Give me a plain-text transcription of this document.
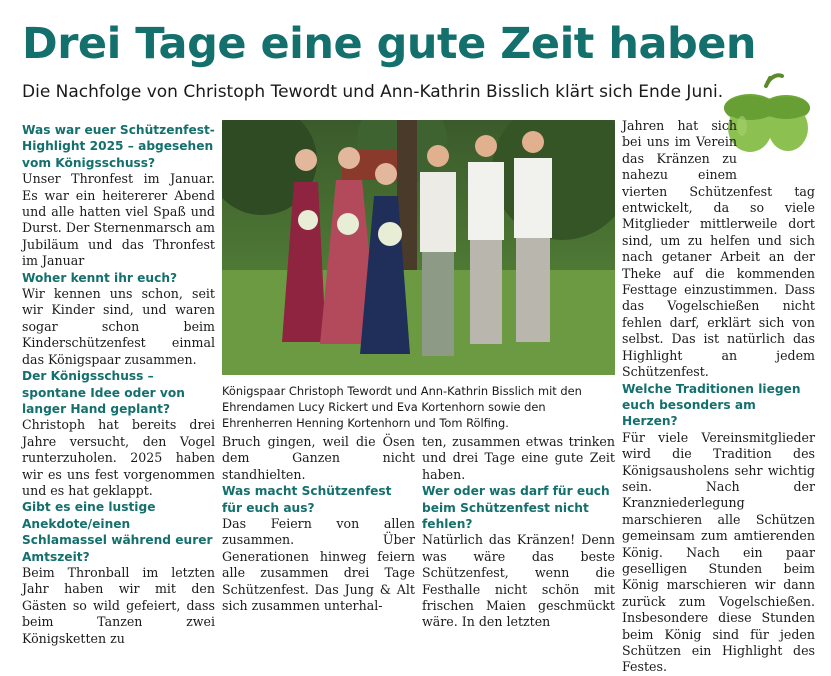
Drei Tage eine gute Zeit haben

Die Nachfolge von Christoph Tewordt und Ann-Kathrin Bisslich klärt sich Ende Juni.

Was war euer Schützenfest-Highlight 2025 – abgesehen vom Königsschuss?

Unser Thronfest im Januar. Es war ein heitererer Abend und alle hatten viel Spaß und Durst. Der Sternenmarsch am Jubiläum und das Thronfest im Januar

Woher kennt ihr euch?

Wir kennen uns schon, seit wir Kinder sind, und waren sogar schon beim Kinderschützenfest einmal das Königspaar zusammen.

Der Königsschuss – spontane Idee oder von langer Hand geplant?

Christoph hat bereits drei Jahre versucht, den Vogel runterzuholen. 2025 haben wir es uns fest vorgenommen und es hat geklappt.

Gibt es eine lustige Anekdote/einen Schlamassel während eurer Amtszeit?

Beim Thronball im letzten Jahr haben wir mit den Gästen so wild gefeiert, dass beim Tanzen zwei Königsketten zu

Königspaar Christoph Tewordt und Ann-Kathrin Bisslich mit den Ehrendamen Lucy Rickert und Eva Kortenhorn sowie den Ehrenherren Henning Kortenhorn und Tom Rölfing.

Bruch gingen, weil die Ösen dem Ganzen nicht standhielten.

Was macht Schützenfest für euch aus?

Das Feiern von allen zusammen. Über Generationen hinweg feiern alle zusammen drei Tage Schützenfest. Das Jung & Alt sich zusammen unterhal-

ten, zusammen etwas trinken und drei Tage eine gute Zeit haben.

Wer oder was darf für euch beim Schützenfest nicht fehlen?

Natürlich das Kränzen! Denn was wäre das beste Schützenfest, wenn die Festhalle nicht schön mit frischen Maien geschmückt wäre. In den letzten

Jahren hat sich bei uns im Verein das Kränzen zu nahezu einem vierten Schützenfest tag entwickelt, da so viele Mitglieder mittlerweile dort sind, um zu helfen und sich nach getaner Arbeit an der Theke auf die kommenden Festtage einzustimmen. Dass das Vogelschießen nicht fehlen darf, erklärt sich von selbst. Das ist natürlich das Highlight an jedem Schützenfest.

Welche Traditionen liegen euch besonders am Herzen?

Für viele Vereinsmitglieder wird die Tradition des Königsausholens sehr wichtig sein. Nach der Kranzniederlegung marschieren alle Schützen gemeinsam zum amtierenden König. Nach ein paar geselligen Stunden beim König marschieren wir dann zurück zum Vogelschießen. Insbesondere diese Stunden beim König sind für jeden Schützen ein Highlight des Festes.
